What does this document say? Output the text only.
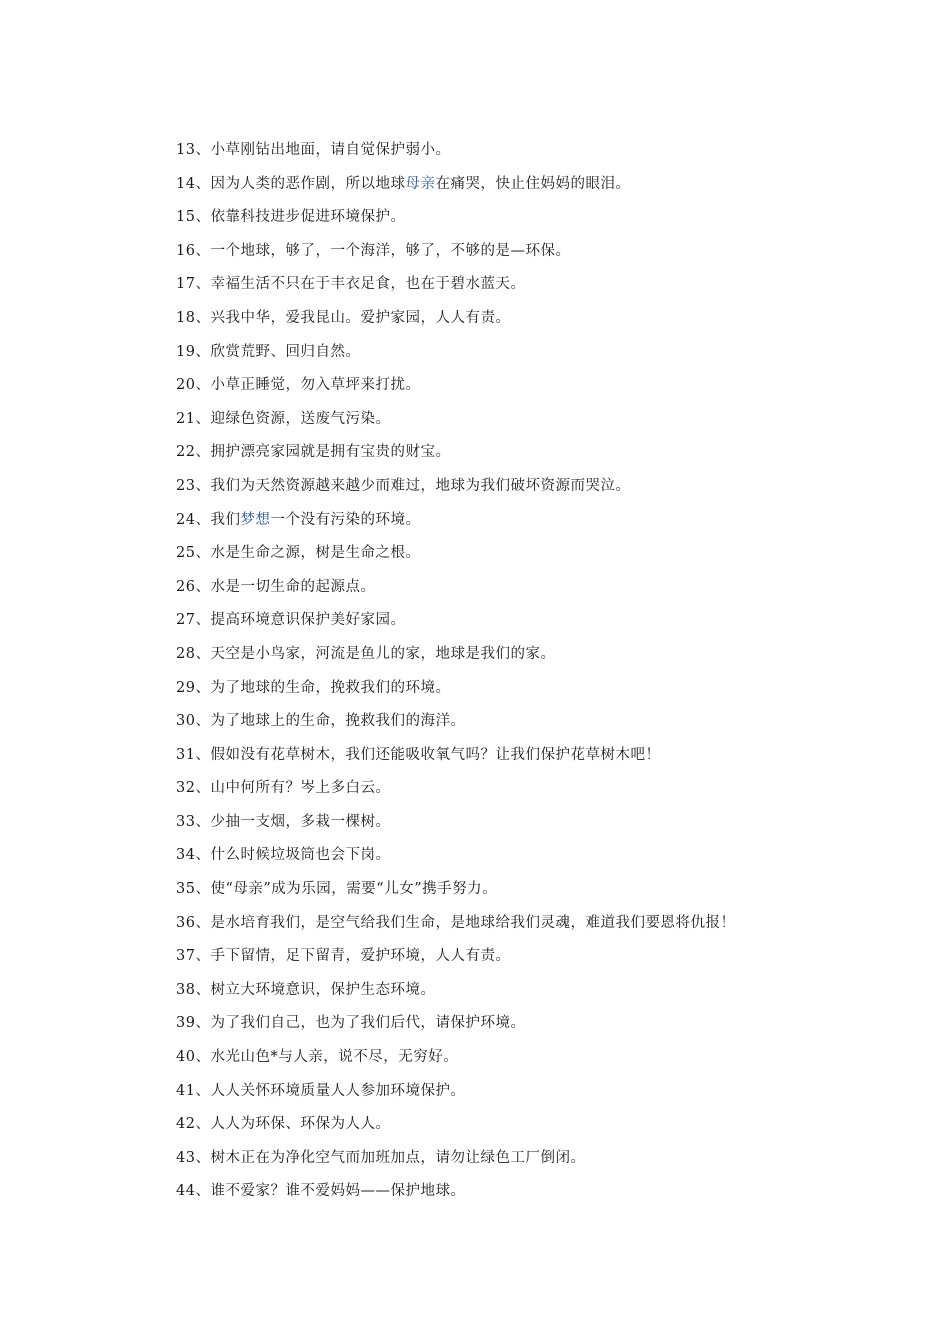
13、小草刚钻出地面，请自觉保护弱小。
14、因为人类的恶作剧，所以地球母亲在痛哭，快止住妈妈的眼泪。
15、依靠科技进步促进环境保护。
16、一个地球，够了，一个海洋，够了，不够的是—环保。
17、幸福生活不只在于丰衣足食，也在于碧水蓝天。
18、兴我中华，爱我昆山。爱护家园，人人有责。
19、欣赏荒野、回归自然。
20、小草正睡觉，勿入草坪来打扰。
21、迎绿色资源，送废气污染。
22、拥护漂亮家园就是拥有宝贵的财宝。
23、我们为天然资源越来越少而难过，地球为我们破坏资源而哭泣。
24、我们梦想一个没有污染的环境。
25、水是生命之源，树是生命之根。
26、水是一切生命的起源点。
27、提高环境意识保护美好家园。
28、天空是小鸟家，河流是鱼儿的家，地球是我们的家。
29、为了地球的生命，挽救我们的环境。
30、为了地球上的生命，挽救我们的海洋。
31、假如没有花草树木，我们还能吸收氧气吗？让我们保护花草树木吧！
32、山中何所有？岑上多白云。
33、少抽一支烟，多栽一棵树。
34、什么时候垃圾筒也会下岗。
35、使“母亲”成为乐园，需要“儿女”携手努力。
36、是水培育我们，是空气给我们生命，是地球给我们灵魂，难道我们要恩将仇报！
37、手下留情，足下留青，爱护环境，人人有责。
38、树立大环境意识，保护生态环境。
39、为了我们自己，也为了我们后代，请保护环境。
40、水光山色*与人亲，说不尽，无穷好。
41、人人关怀环境质量人人参加环境保护。
42、人人为环保、环保为人人。
43、树木正在为净化空气而加班加点，请勿让绿色工厂倒闭。
44、谁不爱家？谁不爱妈妈——保护地球。
